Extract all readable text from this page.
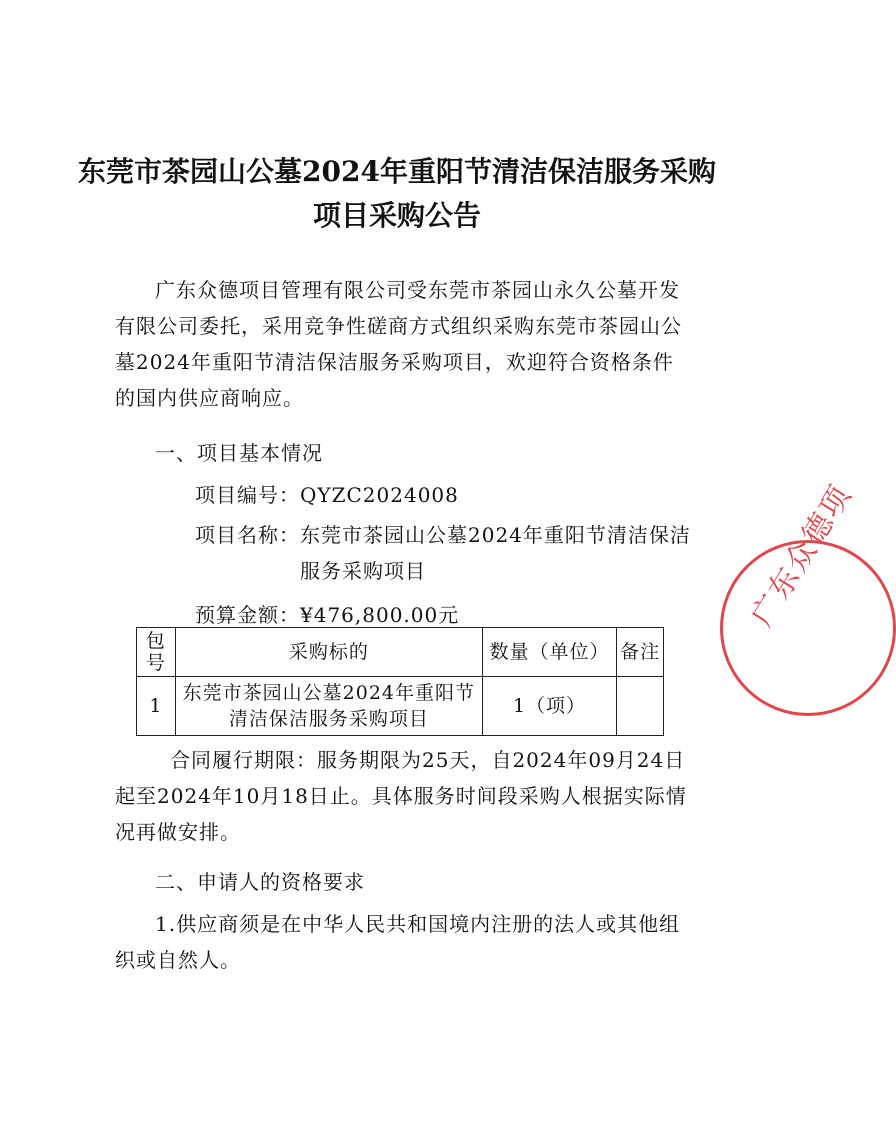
东莞市茶园山公墓2024年重阳节清洁保洁服务采购项目采购公告
广东众德项目管理有限公司受东莞市茶园山永久公墓开发有限公司委托，采用竞争性磋商方式组织采购东莞市茶园山公墓2024年重阳节清洁保洁服务采购项目，欢迎符合资格条件的国内供应商响应。
一、项目基本情况
项目编号：QYZC2024008
项目名称：东莞市茶园山公墓2024年重阳节清洁保洁服务采购项目
预算金额：¥476,800.00元
包号	采购标的	数量（单位）	备注
1	东莞市茶园山公墓2024年重阳节清洁保洁服务采购项目	1（项）	
合同履行期限：服务期限为25天，自2024年09月24日起至2024年10月18日止。具体服务时间段采购人根据实际情况再做安排。
二、申请人的资格要求
1.供应商须是在中华人民共和国境内注册的法人或其他组织或自然人。
广东众德项
